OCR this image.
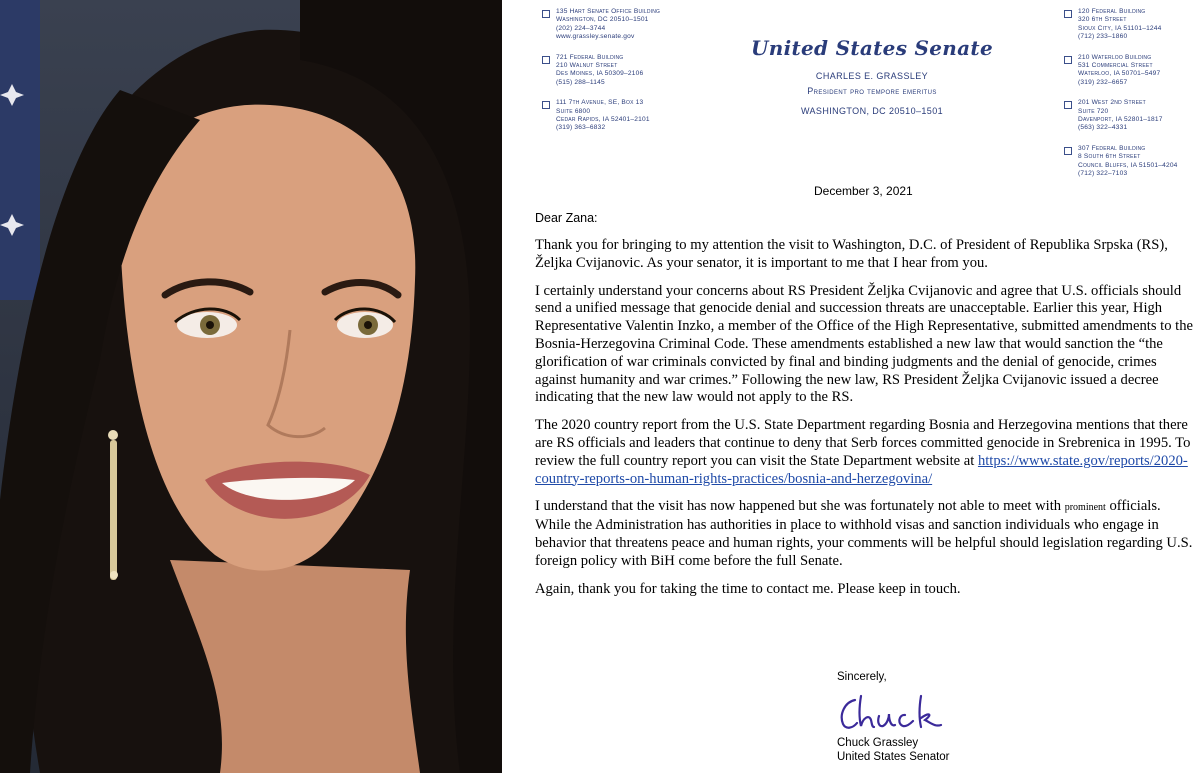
135 Hart Senate Office Building
Washington, DC 20510–1501
(202) 224–3744
www.grassley.senate.gov
721 Federal Building
210 Walnut Street
Des Moines, IA 50309–2106
(515) 288–1145
111 7th Avenue, SE, Box 13
Suite 6800
Cedar Rapids, IA 52401–2101
(319) 363–6832
United States Senate
CHARLES E. GRASSLEY
President pro tempore emeritus
WASHINGTON, DC 20510–1501
120 Federal Building
320 6th Street
Sioux City, IA 51101–1244
(712) 233–1860
210 Waterloo Building
531 Commercial Street
Waterloo, IA 50701–5497
(319) 232–6657
201 West 2nd Street
Suite 720
Davenport, IA 52801–1817
(563) 322–4331
307 Federal Building
8 South 6th Street
Council Bluffs, IA 51501–4204
(712) 322–7103
December 3, 2021
Dear Zana:

Thank you for bringing to my attention the visit to Washington, D.C. of President of Republika Srpska (RS), Željka Cvijanovic. As your senator, it is important to me that I hear from you.

I certainly understand your concerns about RS President Željka Cvijanovic and agree that U.S. officials should send a unified message that genocide denial and succession threats are unacceptable. Earlier this year, High Representative Valentin Inzko, a member of the Office of the High Representative, submitted amendments to the Bosnia-Herzegovina Criminal Code. These amendments established a new law that would sanction the “the glorification of war criminals convicted by final and binding judgments and the denial of genocide, crimes against humanity and war crimes.” Following the new law, RS President Željka Cvijanovic issued a decree indicating that the new law would not apply to the RS.

The 2020 country report from the U.S. State Department regarding Bosnia and Herzegovina mentions that there are RS officials and leaders that continue to deny that Serb forces committed genocide in Srebrenica in 1995. To review the full country report you can visit the State Department website at https://www.state.gov/reports/2020-country-reports-on-human-rights-practices/bosnia-and-herzegovina/

I understand that the visit has now happened but she was fortunately not able to meet with prominent officials. While the Administration has authorities in place to withhold visas and sanction individuals who engage in behavior that threatens peace and human rights, your comments will be helpful should legislation regarding U.S. foreign policy with BiH come before the full Senate.

Again, thank you for taking the time to contact me. Please keep in touch.

Sincerely,
Chuck Grassley
United States Senator
